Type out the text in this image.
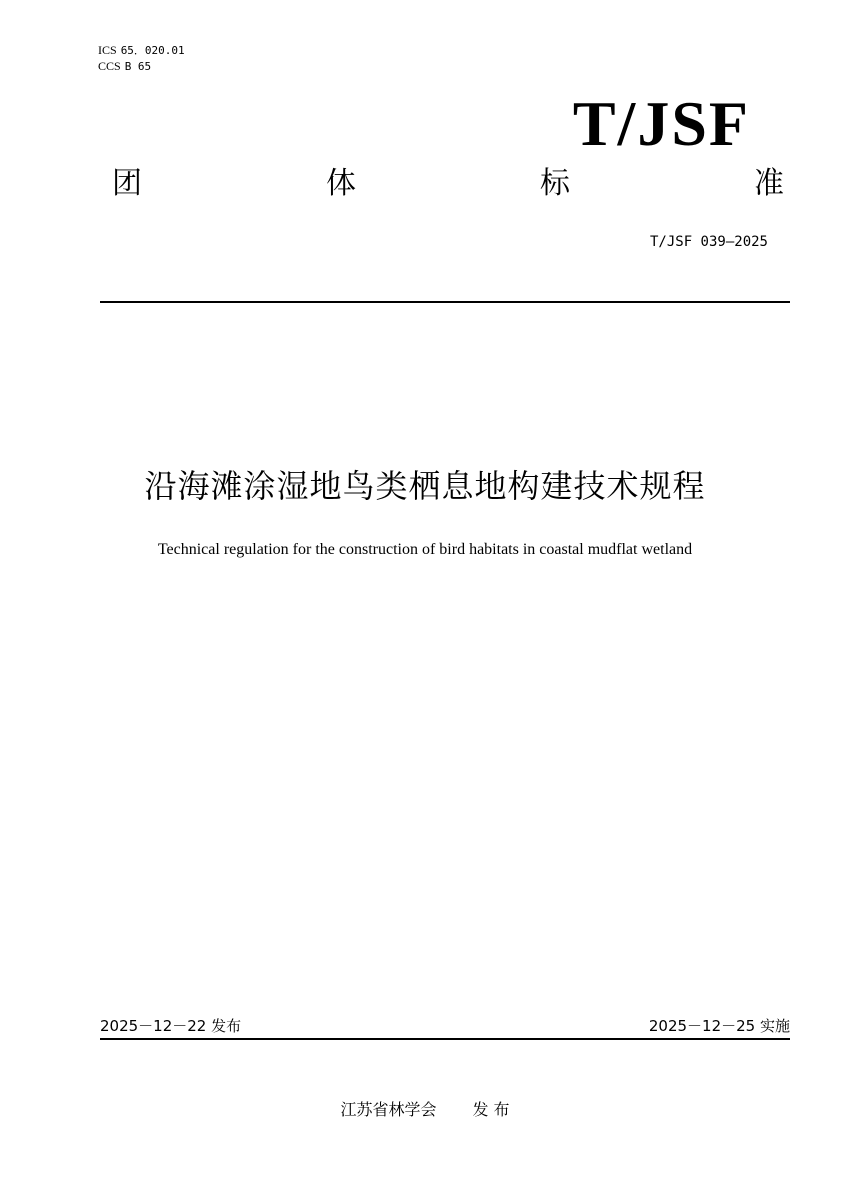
ICS 65．020.01
CCS B 65
T/JSF
团	体	标	准
T/JSF 039—2025
沿海滩涂湿地鸟类栖息地构建技术规程
Technical regulation for the construction of bird habitats in coastal mudflat wetland
2025－12－22 发布	2025－12－25 实施
江苏省林学会 发 布
